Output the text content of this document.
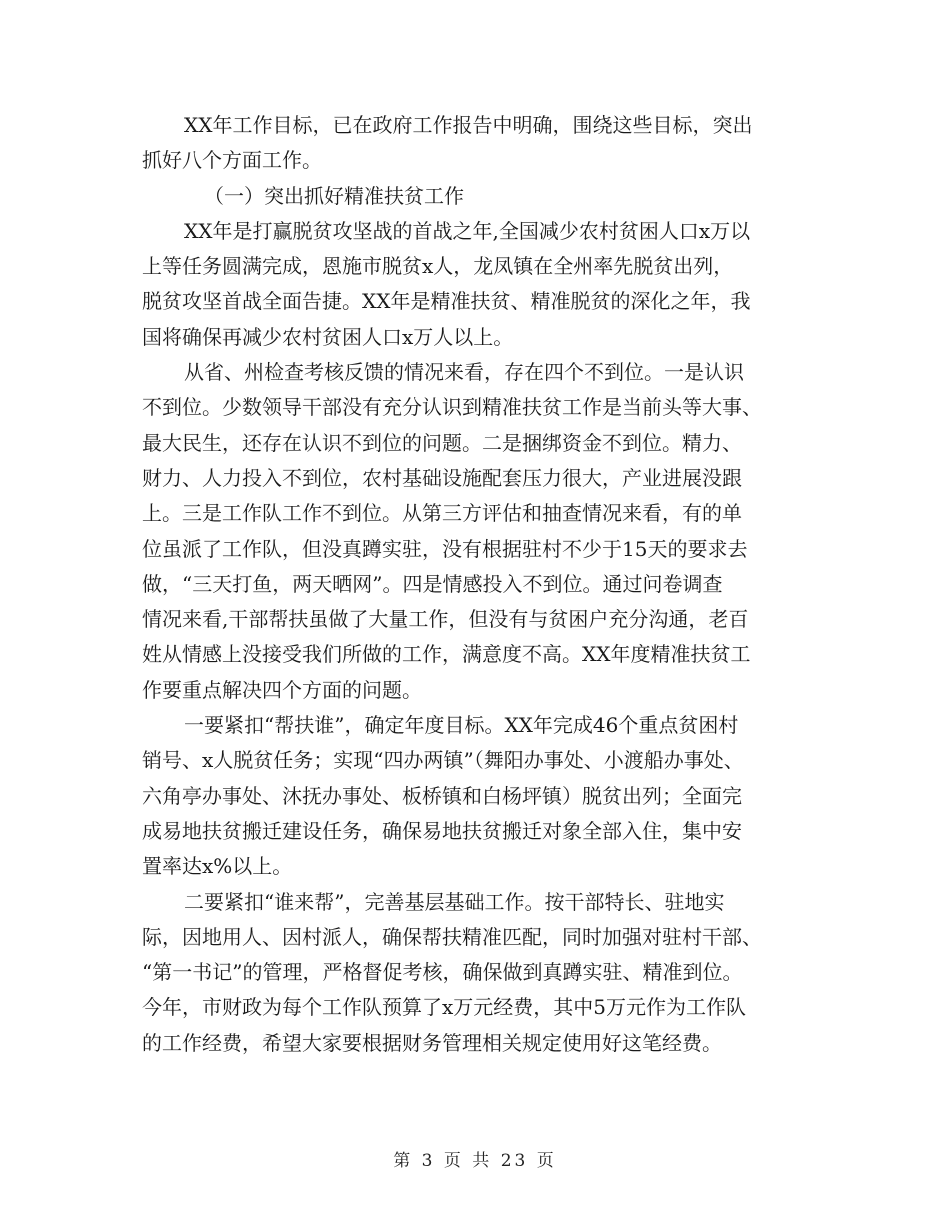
XX年工作目标，已在政府工作报告中明确，围绕这些目标，突出
抓好八个方面工作。
（一）突出抓好精准扶贫工作
XX年是打赢脱贫攻坚战的首战之年,全国减少农村贫困人口x万以
上等任务圆满完成，恩施市脱贫x人，龙凤镇在全州率先脱贫出列，
脱贫攻坚首战全面告捷。XX年是精准扶贫、精准脱贫的深化之年，我
国将确保再减少农村贫困人口x万人以上。
从省、州检查考核反馈的情况来看，存在四个不到位。一是认识
不到位。少数领导干部没有充分认识到精准扶贫工作是当前头等大事、
最大民生，还存在认识不到位的问题。二是捆绑资金不到位。精力、
财力、人力投入不到位，农村基础设施配套压力很大，产业进展没跟
上。三是工作队工作不到位。从第三方评估和抽查情况来看，有的单
位虽派了工作队，但没真蹲实驻，没有根据驻村不少于15天的要求去
做，“三天打鱼，两天晒网”。四是情感投入不到位。通过问卷调查
情况来看,干部帮扶虽做了大量工作，但没有与贫困户充分沟通，老百
姓从情感上没接受我们所做的工作，满意度不高。XX年度精准扶贫工
作要重点解决四个方面的问题。
一要紧扣“帮扶谁”，确定年度目标。XX年完成46个重点贫困村
销号、x人脱贫任务；实现“四办两镇”（舞阳办事处、小渡船办事处、
六角亭办事处、沐抚办事处、板桥镇和白杨坪镇）脱贫出列；全面完
成易地扶贫搬迁建设任务，确保易地扶贫搬迁对象全部入住，集中安
置率达x%以上。
二要紧扣“谁来帮”，完善基层基础工作。按干部特长、驻地实
际，因地用人、因村派人，确保帮扶精准匹配，同时加强对驻村干部、
“第一书记”的管理，严格督促考核，确保做到真蹲实驻、精准到位。
今年，市财政为每个工作队预算了x万元经费，其中5万元作为工作队
的工作经费，希望大家要根据财务管理相关规定使用好这笔经费。
第 3 页 共 23 页
